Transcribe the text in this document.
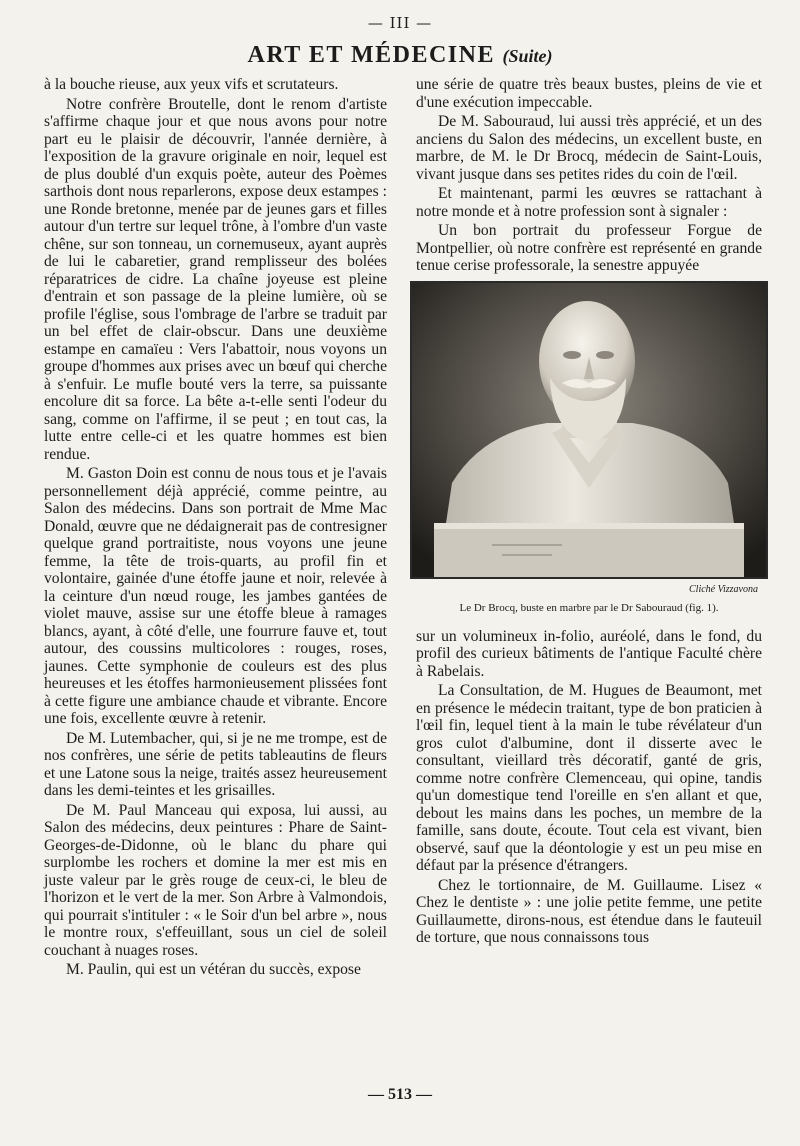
— III —
ART ET MÉDECINE (Suite)

à la bouche rieuse, aux yeux vifs et scrutateurs.

Notre confrère Broutelle, dont le renom d'artiste s'affirme chaque jour et que nous avons pour notre part eu le plaisir de découvrir, l'année dernière, à l'exposition de la gravure originale en noir, lequel est de plus doublé d'un exquis poète, auteur des Poèmes sarthois dont nous reparlerons, expose deux estampes : une Ronde bretonne, menée par de jeunes gars et filles autour d'un tertre sur lequel trône, à l'ombre d'un vaste chêne, sur son tonneau, un cornemuseux, ayant auprès de lui le cabaretier, grand remplisseur des bolées réparatrices de cidre. La chaîne joyeuse est pleine d'entrain et son passage de la pleine lumière, où se profile l'église, sous l'ombrage de l'arbre se traduit par un bel effet de clair-obscur. Dans une deuxième estampe en camaïeu : Vers l'abattoir, nous voyons un groupe d'hommes aux prises avec un bœuf qui cherche à s'enfuir. Le mufle bouté vers la terre, sa puissante encolure dit sa force. La bête a-t-elle senti l'odeur du sang, comme on l'affirme, il se peut ; en tout cas, la lutte entre celle-ci et les quatre hommes est bien rendue.

M. Gaston Doin est connu de nous tous et je l'avais personnellement déjà apprécié, comme peintre, au Salon des médecins. Dans son portrait de Mme Mac Donald, œuvre que ne dédaignerait pas de contresigner quelque grand portraitiste, nous voyons une jeune femme, la tête de trois-quarts, au profil fin et volontaire, gainée d'une étoffe jaune et noir, relevée à la ceinture d'un nœud rouge, les jambes gantées de violet mauve, assise sur une étoffe bleue à ramages blancs, ayant, à côté d'elle, une fourrure fauve et, tout autour, des coussins multicolores : rouges, roses, jaunes. Cette symphonie de couleurs est des plus heureuses et les étoffes harmonieusement plissées font à cette figure une ambiance chaude et vibrante. Encore une fois, excellente œuvre à retenir.

De M. Lutembacher, qui, si je ne me trompe, est de nos confrères, une série de petits tableautins de fleurs et une Latone sous la neige, traités assez heureusement dans les demi-teintes et les grisailles.

De M. Paul Manceau qui exposa, lui aussi, au Salon des médecins, deux peintures : Phare de Saint-Georges-de-Didonne, où le blanc du phare qui surplombe les rochers et domine la mer est mis en juste valeur par le grès rouge de ceux-ci, le bleu de l'horizon et le vert de la mer. Son Arbre à Valmondois, qui pourrait s'intituler : « le Soir d'un bel arbre », nous le montre roux, s'effeuillant, sous un ciel de soleil couchant à nuages roses.

M. Paulin, qui est un vétéran du succès, expose

une série de quatre très beaux bustes, pleins de vie et d'une exécution impeccable.

De M. Sabouraud, lui aussi très apprécié, et un des anciens du Salon des médecins, un excellent buste, en marbre, de M. le Dr Brocq, médecin de Saint-Louis, vivant jusque dans ses petites rides du coin de l'œil.

Et maintenant, parmi les œuvres se rattachant à notre monde et à notre profession sont à signaler :

Un bon portrait du professeur Forgue de Montpellier, où notre confrère est représenté en grande tenue cerise professorale, la senestre appuyée

Cliché Vizzavona
Le Dr Brocq, buste en marbre par le Dr Sabouraud (fig. 1).

sur un volumineux in-folio, auréolé, dans le fond, du profil des curieux bâtiments de l'antique Faculté chère à Rabelais.

La Consultation, de M. Hugues de Beaumont, met en présence le médecin traitant, type de bon praticien à l'œil fin, lequel tient à la main le tube révélateur d'un gros culot d'albumine, dont il disserte avec le consultant, vieillard très décoratif, ganté de gris, comme notre confrère Clemenceau, qui opine, tandis qu'un domestique tend l'oreille en s'en allant et que, debout les mains dans les poches, un membre de la famille, sans doute, écoute. Tout cela est vivant, bien observé, sauf que la déontologie y est un peu mise en défaut par la présence d'étrangers.

Chez le tortionnaire, de M. Guillaume. Lisez « Chez le dentiste » : une jolie petite femme, une petite Guillaumette, dirons-nous, est étendue dans le fauteuil de torture, que nous connaissons tous

— 513 —
